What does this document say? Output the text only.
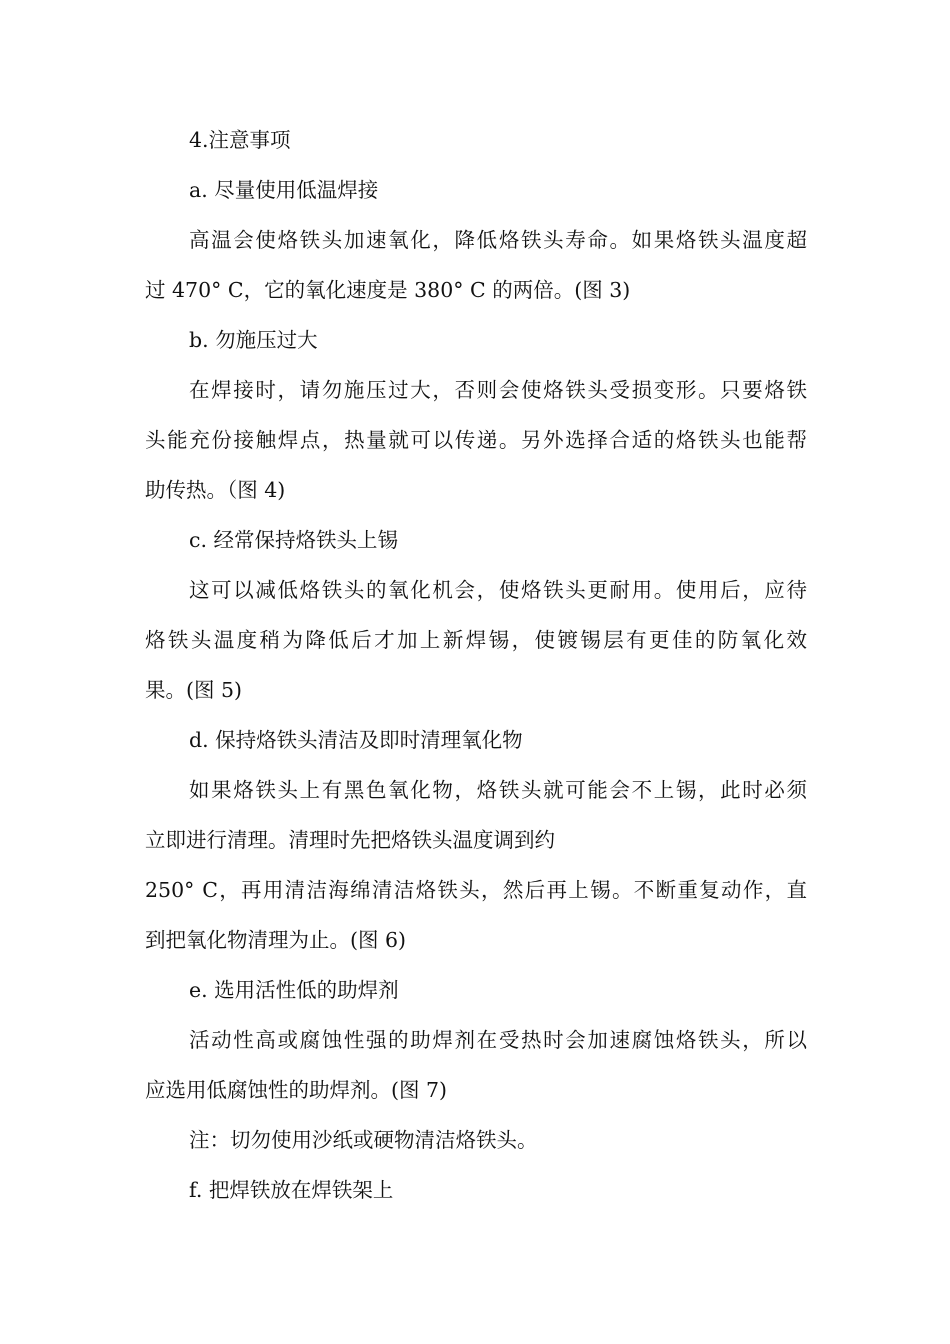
4.注意事项
a. 尽量使用低温焊接
高温会使烙铁头加速氧化，降低烙铁头寿命。如果烙铁头温度超
过 470° C，它的氧化速度是 380° C 的两倍。(图 3)
b. 勿施压过大
在焊接时，请勿施压过大，否则会使烙铁头受损变形。只要烙铁
头能充份接触焊点，热量就可以传递。另外选择合适的烙铁头也能帮
助传热。（图 4)
c. 经常保持烙铁头上锡
这可以减低烙铁头的氧化机会，使烙铁头更耐用。使用后，应待
烙铁头温度稍为降低后才加上新焊锡，使镀锡层有更佳的防氧化效
果。(图 5)
d. 保持烙铁头清洁及即时清理氧化物
如果烙铁头上有黑色氧化物，烙铁头就可能会不上锡，此时必须
立即进行清理。清理时先把烙铁头温度调到约
250° C，再用清洁海绵清洁烙铁头，然后再上锡。不断重复动作，直
到把氧化物清理为止。(图 6)
e. 选用活性低的助焊剂
活动性高或腐蚀性强的助焊剂在受热时会加速腐蚀烙铁头，所以
应选用低腐蚀性的助焊剂。(图 7)
注：切勿使用沙纸或硬物清洁烙铁头。
f. 把焊铁放在焊铁架上
